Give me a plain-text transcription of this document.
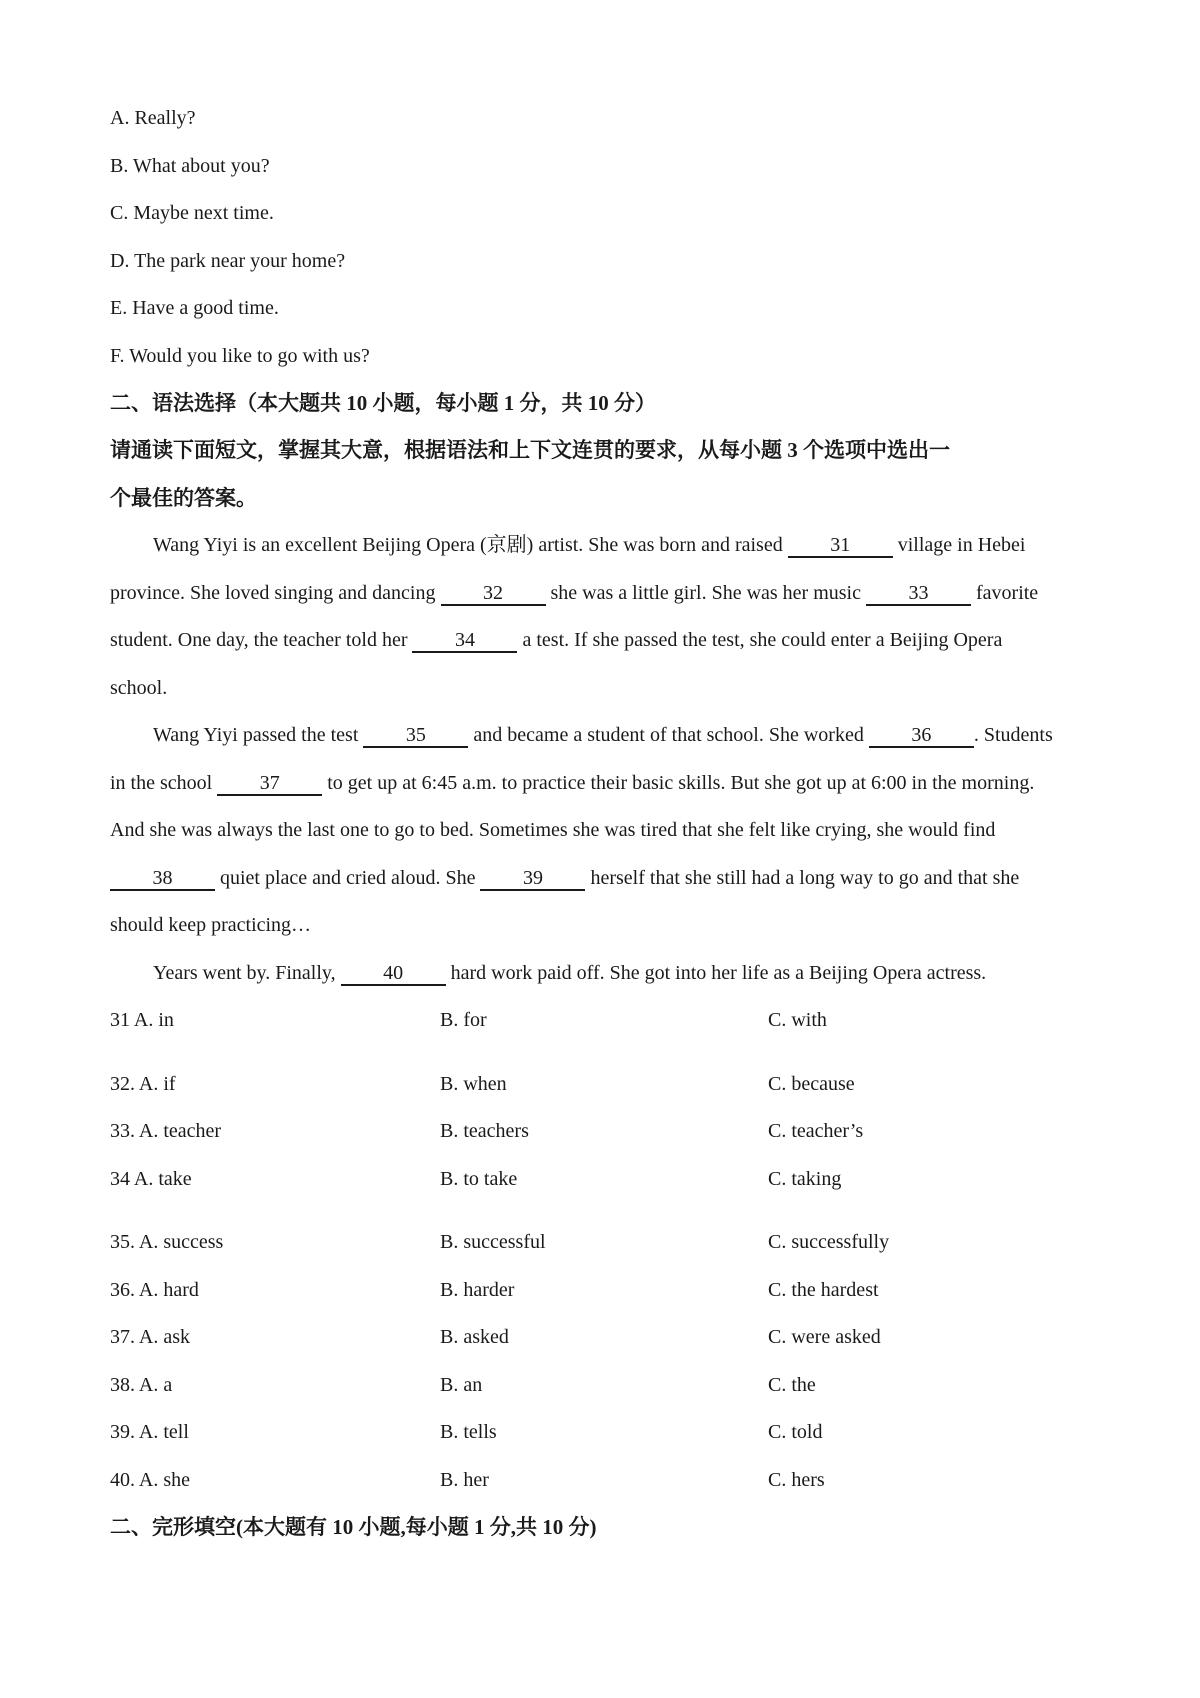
A. Really?
B. What about you?
C. Maybe next time.
D. The park near your home?
E. Have a good time.
F. Would you like to go with us?
二、语法选择（本大题共 10 小题，每小题 1 分，共 10 分）
请通读下面短文，掌握其大意，根据语法和上下文连贯的要求，从每小题 3 个选项中选出一
个最佳的答案。
Wang Yiyi is an excellent Beijing Opera (京剧) artist. She was born and raised 31 village in Hebei
province. She loved singing and dancing 32 she was a little girl. She was her music 33 favorite
student. One day, the teacher told her 34 a test. If she passed the test, she could enter a Beijing Opera
school.
Wang Yiyi passed the test 35 and became a student of that school. She worked 36 . Students
in the school 37 to get up at 6:45 a.m. to practice their basic skills. But she got up at 6:00 in the morning.
And she was always the last one to go to bed. Sometimes she was tired that she felt like crying, she would find
38 quiet place and cried aloud. She 39 herself that she still had a long way to go and that she
should keep practicing…
Years went by. Finally, 40 hard work paid off. She got into her life as a Beijing Opera actress.
31 A. in	B. for	C. with
32. A. if	B. when	C. because
33. A. teacher	B. teachers	C. teacher’s
34 A. take	B. to take	C. taking
35. A. success	B. successful	C. successfully
36. A. hard	B. harder	C. the hardest
37. A. ask	B. asked	C. were asked
38. A. a	B. an	C. the
39. A. tell	B. tells	C. told
40. A. she	B. her	C. hers
二、完形填空(本大题有 10 小题,每小题 1 分,共 10 分)
